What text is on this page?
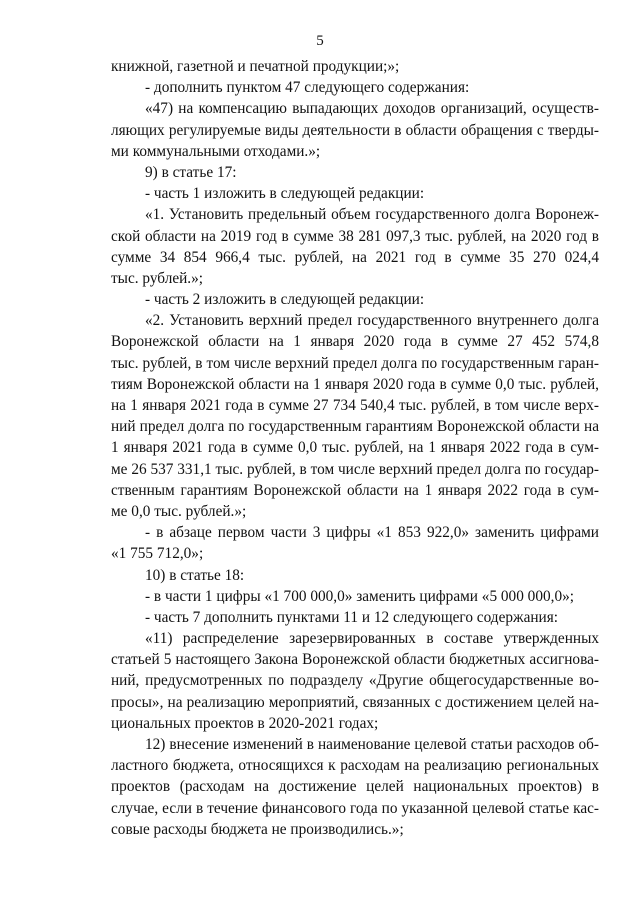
5
книжной, газетной и печатной продукции;»;
- дополнить пунктом 47 следующего содержания:
«47) на компенсацию выпадающих доходов организаций, осуществ-
ляющих регулируемые виды деятельности в области обращения с тверды-
ми коммунальными отходами.»;
9) в статье 17:
- часть 1 изложить в следующей редакции:
«1. Установить предельный объем государственного долга Воронеж-
ской области на 2019 год в сумме 38 281 097,3 тыс. рублей, на 2020 год в
сумме 34 854 966,4 тыс. рублей, на 2021 год в сумме 35 270 024,4
тыс. рублей.»;
- часть 2 изложить в следующей редакции:
«2. Установить верхний предел государственного внутреннего долга
Воронежской области на 1 января 2020 года в сумме 27 452 574,8
тыс. рублей, в том числе верхний предел долга по государственным гаран-
тиям Воронежской области на 1 января 2020 года в сумме 0,0 тыс. рублей,
на 1 января 2021 года в сумме 27 734 540,4 тыс. рублей, в том числе верх-
ний предел долга по государственным гарантиям Воронежской области на
1 января 2021 года в сумме 0,0 тыс. рублей, на 1 января 2022 года в сум-
ме 26 537 331,1 тыс. рублей, в том числе верхний предел долга по государ-
ственным гарантиям Воронежской области на 1 января 2022 года в сум-
ме 0,0 тыс. рублей.»;
- в абзаце первом части 3 цифры «1 853 922,0» заменить цифрами
«1 755 712,0»;
10) в статье 18:
- в части 1 цифры «1 700 000,0» заменить цифрами «5 000 000,0»;
- часть 7 дополнить пунктами 11 и 12 следующего содержания:
«11) распределение зарезервированных в составе утвержденных
статьей 5 настоящего Закона Воронежской области бюджетных ассигнова-
ний, предусмотренных по подразделу «Другие общегосударственные во-
просы», на реализацию мероприятий, связанных с достижением целей на-
циональных проектов в 2020-2021 годах;
12) внесение изменений в наименование целевой статьи расходов об-
ластного бюджета, относящихся к расходам на реализацию региональных
проектов (расходам на достижение целей национальных проектов) в
случае, если в течение финансового года по указанной целевой статье кас-
совые расходы бюджета не производились.»;
